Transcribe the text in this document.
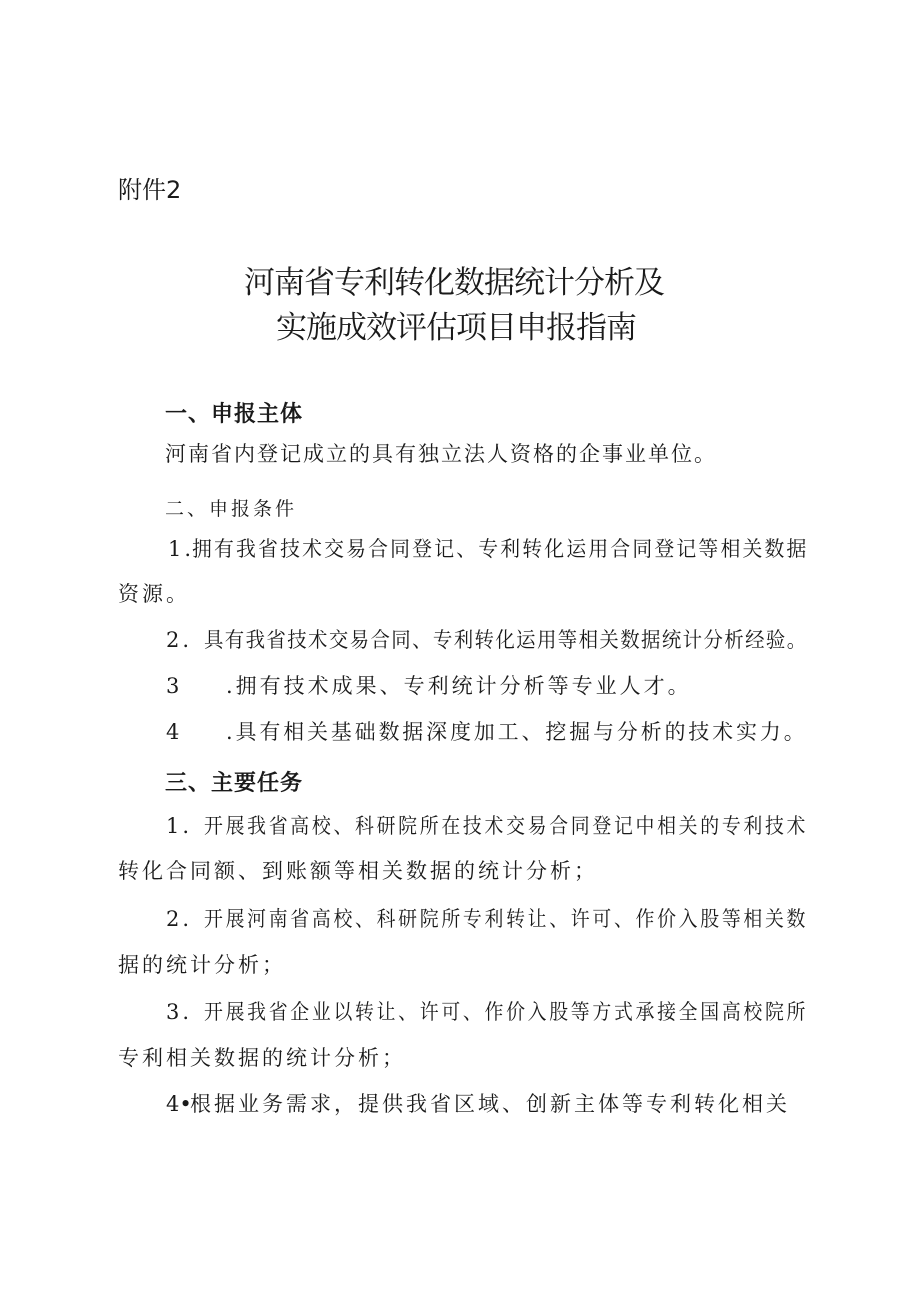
附件2
河南省专利转化数据统计分析及
实施成效评估项目申报指南
一、申报主体
河南省内登记成立的具有独立法人资格的企事业单位。
二、申报条件
1.
拥有我省技术交易合同登记、专利转化运用合同登记等相关数据
资源。
2. 具有我省技术交易合同、专利转化运用等相关数据统计分析经验。
3 .拥有技术成果、专利统计分析等专业人才。
4 .具有相关基础数据深度加工、挖掘与分析的技术实力。
三、主要任务
1. 开展我省高校、科研院所在技术交易合同登记中相关的专利技术
转化合同额、到账额等相关数据的统计分析；
2. 开展河南省高校、科研院所专利转让、许可、作价入股等相关数
据的统计分析；
3. 开展我省企业以转让、许可、作价入股等方式承接全国高校院所
专利相关数据的统计分析；
4•
根据业务需求，提供我省区域、创新主体等专利转化相关
